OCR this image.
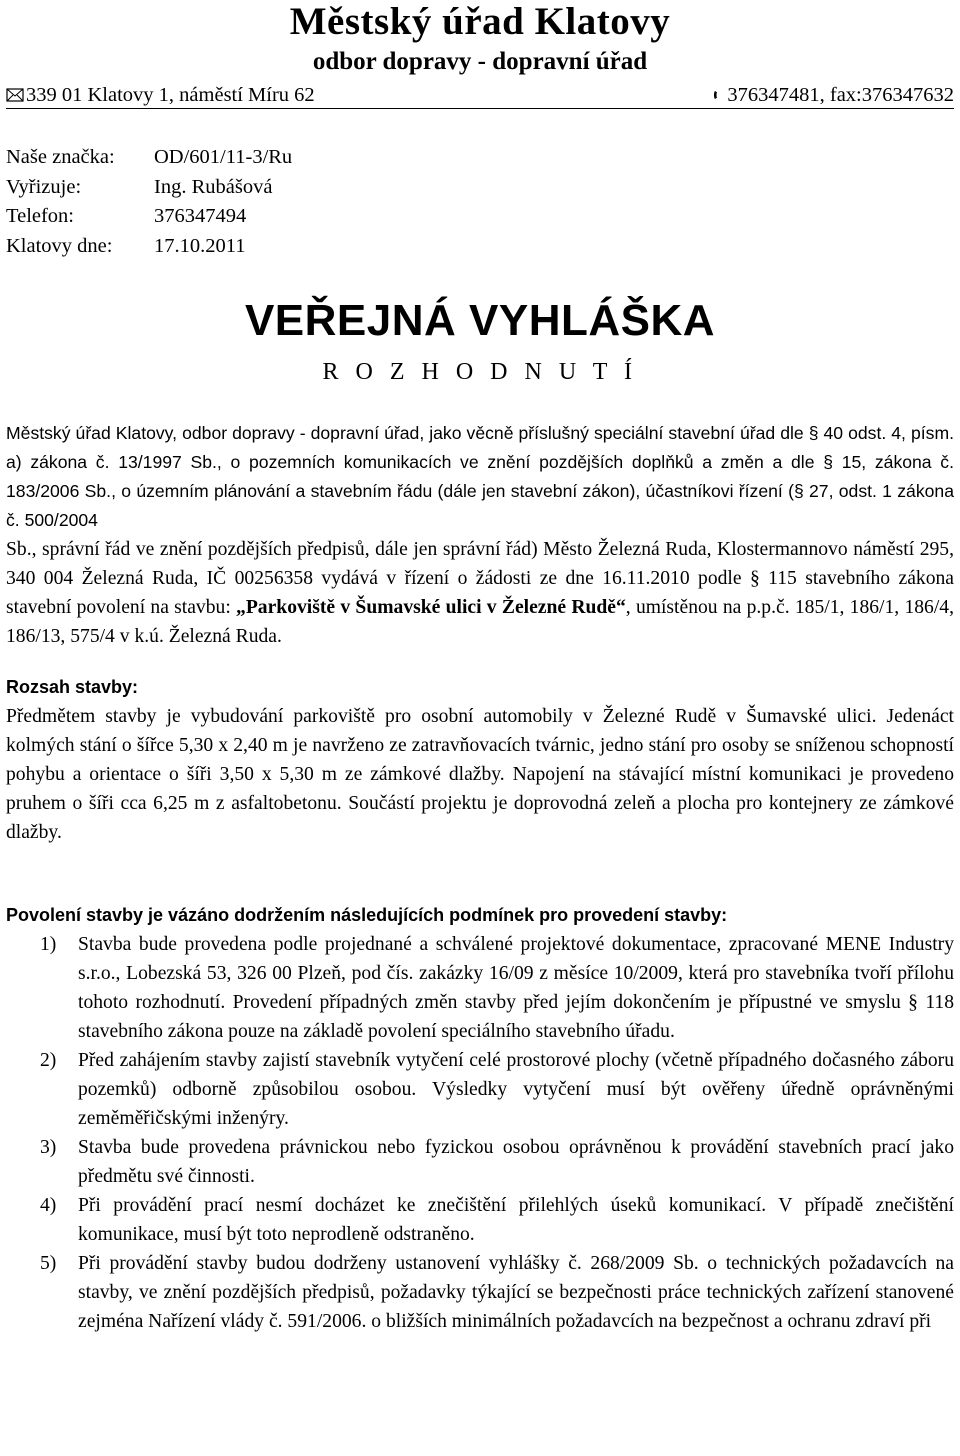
Městský úřad Klatovy
odbor dopravy - dopravní úřad
339 01 Klatovy 1, náměstí Míru 62	376347481, fax:376347632
Naše značka:	OD/601/11-3/Ru
Vyřizuje:	Ing. Rubášová
Telefon:	376347494
Klatovy dne:	17.10.2011
VEŘEJNÁ VYHLÁŠKA
R O Z H O D N U T Í

Městský úřad Klatovy, odbor dopravy - dopravní úřad, jako věcně příslušný speciální stavební úřad dle § 40 odst. 4, písm. a) zákona č. 13/1997 Sb., o pozemních komunikacích ve znění pozdějších doplňků a změn a dle § 15, zákona č. 183/2006 Sb., o územním plánování a stavebním řádu (dále jen stavební zákon), účastníkovi řízení (§ 27, odst. 1 zákona č. 500/2004

Sb., správní řád ve znění pozdějších předpisů, dále jen správní řád) Město Železná Ruda, Klostermannovo náměstí 295, 340 004 Železná Ruda, IČ 00256358 vydává v řízení o žádosti ze dne 16.11.2010 podle § 115 stavebního zákona stavební povolení na stavbu: „Parkoviště v Šumavské ulici v Železné Rudě“, umístěnou na p.p.č. 185/1, 186/1, 186/4, 186/13, 575/4 v k.ú. Železná Ruda.

Rozsah stavby:

Předmětem stavby je vybudování parkoviště pro osobní automobily v Železné Rudě v Šumavské ulici. Jedenáct kolmých stání o šířce 5,30 x 2,40 m je navrženo ze zatravňovacích tvárnic, jedno stání pro osoby se sníženou schopností pohybu a orientace o šíři 3,50 x 5,30 m ze zámkové dlažby. Napojení na stávající místní komunikaci je provedeno pruhem o šíři cca 6,25 m z asfaltobetonu. Součástí projektu je doprovodná zeleň a plocha pro kontejnery ze zámkové dlažby.

Povolení stavby je vázáno dodržením následujících podmínek pro provedení stavby:
1)	Stavba bude provedena podle projednané a schválené projektové dokumentace, zpracované MENE Industry s.r.o., Lobezská 53, 326 00 Plzeň, pod čís. zakázky 16/09 z měsíce 10/2009, která pro stavebníka tvoří přílohu tohoto rozhodnutí. Provedení případných změn stavby před jejím dokončením je přípustné ve smyslu § 118 stavebního zákona pouze na základě povolení speciálního stavebního úřadu.

2)	Před zahájením stavby zajistí stavebník vytyčení celé prostorové plochy (včetně případného dočasného záboru pozemků) odborně způsobilou osobou. Výsledky vytyčení musí být ověřeny úředně oprávněnými zeměměřičskými inženýry.

3)	Stavba bude provedena právnickou nebo fyzickou osobou oprávněnou k provádění stavebních prací jako předmětu své činnosti.

4)	Při provádění prací nesmí docházet ke znečištění přilehlých úseků komunikací. V případě znečištění komunikace, musí být toto neprodleně odstraněno.

5)	Při provádění stavby budou dodrženy ustanovení vyhlášky č. 268/2009 Sb. o technických požadavcích na stavby, ve znění pozdějších předpisů, požadavky týkající se bezpečnosti práce technických zařízení stanovené zejména Nařízení vlády č. 591/2006. o bližších minimálních požadavcích na bezpečnost a ochranu zdraví při
